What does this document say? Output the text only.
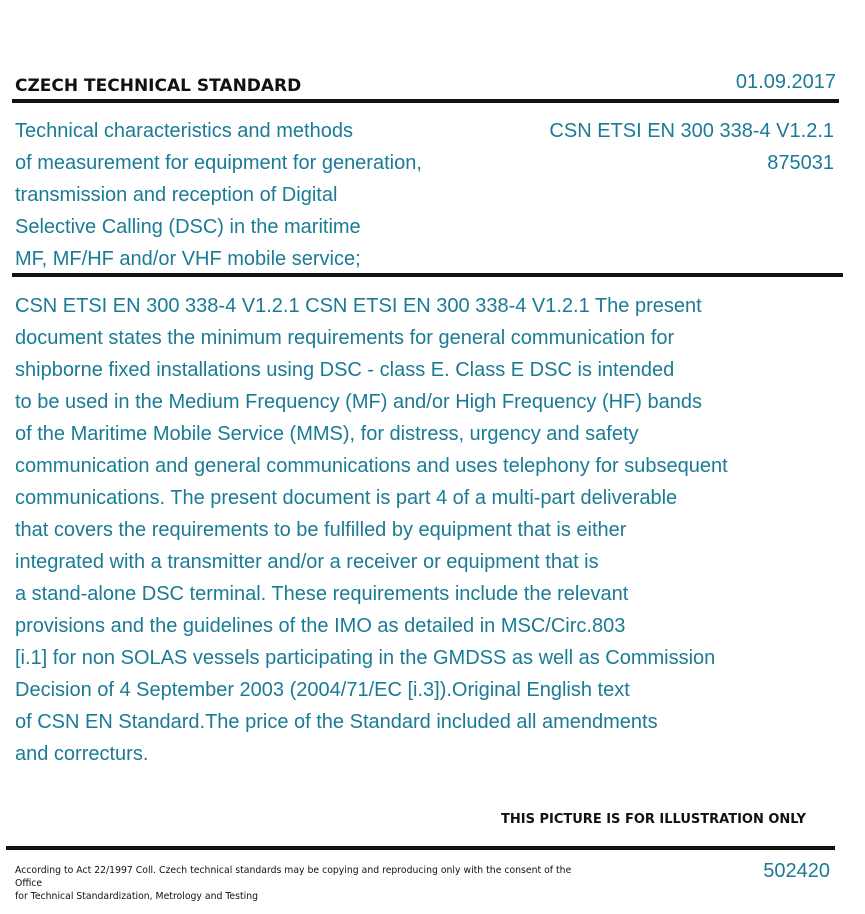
CZECH TECHNICAL STANDARD	01.09.2017
Technical characteristics and methods
of measurement for equipment for generation,
transmission and reception of Digital
Selective Calling (DSC) in the maritime
MF, MF/HF and/or VHF mobile service;
CSN ETSI EN 300 338-4 V1.2.1
875031
CSN ETSI EN 300 338-4 V1.2.1 CSN ETSI EN 300 338-4 V1.2.1 The present
document states the minimum requirements for general communication for
shipborne fixed installations using DSC - class E. Class E DSC is intended
to be used in the Medium Frequency (MF) and/or High Frequency (HF) bands
of the Maritime Mobile Service (MMS), for distress, urgency and safety
communication and general communications and uses telephony for subsequent
communications. The present document is part 4 of a multi-part deliverable
that covers the requirements to be fulfilled by equipment that is either
integrated with a transmitter and/or a receiver or equipment that is
a stand-alone DSC terminal. These requirements include the relevant
provisions and the guidelines of the IMO as detailed in MSC/Circ.803
[i.1] for non SOLAS vessels participating in the GMDSS as well as Commission
Decision of 4 September 2003 (2004/71/EC [i.3]).Original English text
of CSN EN Standard.The price of the Standard included all amendments
and correcturs.
THIS PICTURE IS FOR ILLUSTRATION ONLY
According to Act 22/1997 Coll. Czech technical standards may be copying and reproducing only with the consent of the Office
for Technical Standardization, Metrology and Testing
502420
